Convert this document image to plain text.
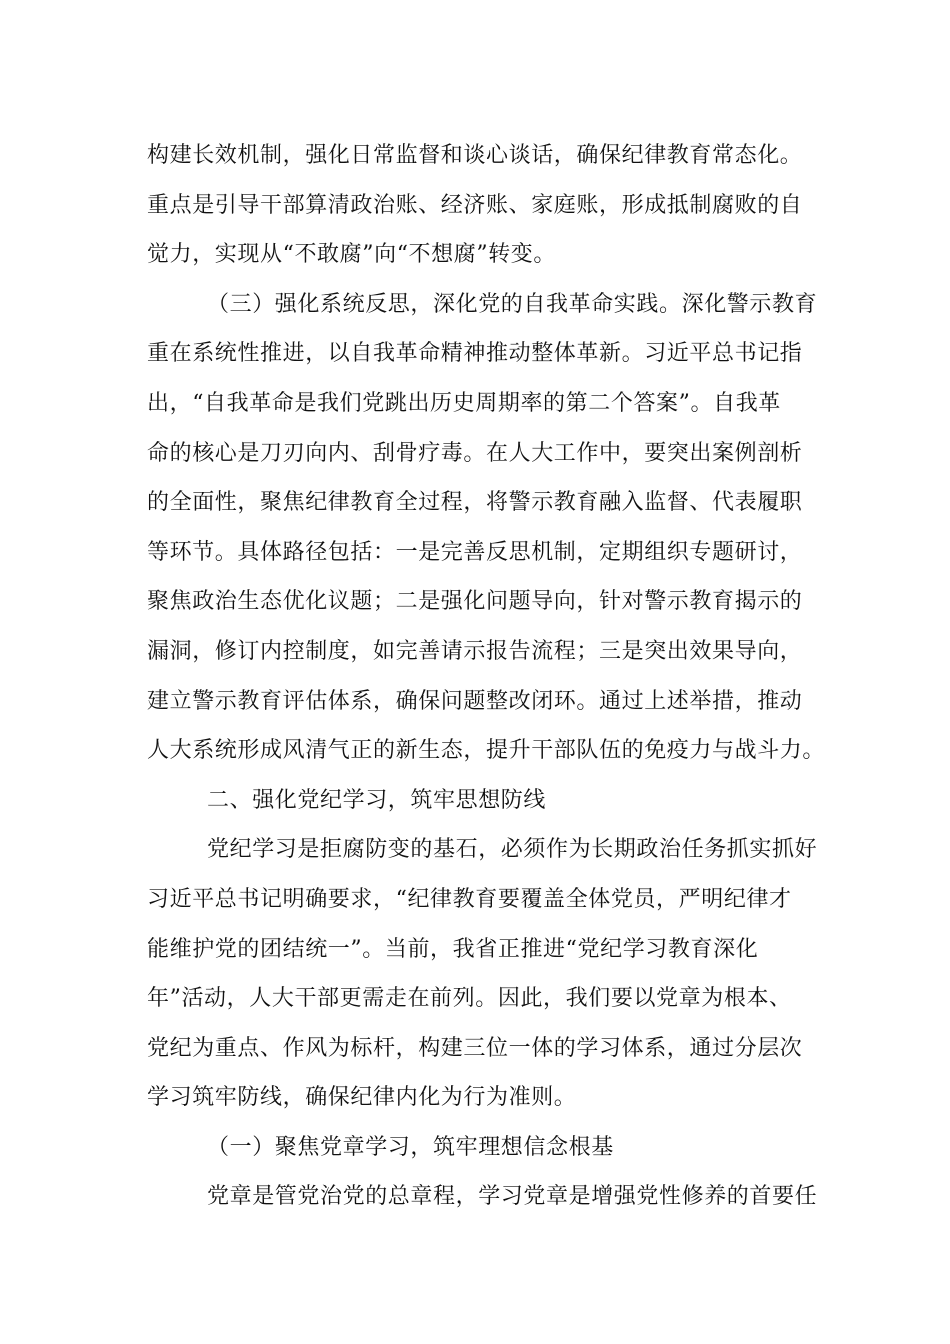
构建长效机制，强化日常监督和谈心谈话，确保纪律教育常态化。
重点是引导干部算清政治账、经济账、家庭账，形成抵制腐败的自
觉力，实现从“不敢腐”向“不想腐”转变。
（三）强化系统反思，深化党的自我革命实践。深化警示教育
重在系统性推进，以自我革命精神推动整体革新。习近平总书记指
出，“自我革命是我们党跳出历史周期率的第二个答案”。自我革
命的核心是刀刃向内、刮骨疗毒。在人大工作中，要突出案例剖析
的全面性，聚焦纪律教育全过程，将警示教育融入监督、代表履职
等环节。具体路径包括：一是完善反思机制，定期组织专题研讨，
聚焦政治生态优化议题；二是强化问题导向，针对警示教育揭示的
漏洞，修订内控制度，如完善请示报告流程；三是突出效果导向，
建立警示教育评估体系，确保问题整改闭环。通过上述举措，推动
人大系统形成风清气正的新生态，提升干部队伍的免疫力与战斗力。
二、强化党纪学习，筑牢思想防线
党纪学习是拒腐防变的基石，必须作为长期政治任务抓实抓好
习近平总书记明确要求，“纪律教育要覆盖全体党员，严明纪律才
能维护党的团结统一”。当前，我省正推进“党纪学习教育深化
年”活动，人大干部更需走在前列。因此，我们要以党章为根本、
党纪为重点、作风为标杆，构建三位一体的学习体系，通过分层次
学习筑牢防线，确保纪律内化为行为准则。
（一）聚焦党章学习，筑牢理想信念根基
党章是管党治党的总章程，学习党章是增强党性修养的首要任
